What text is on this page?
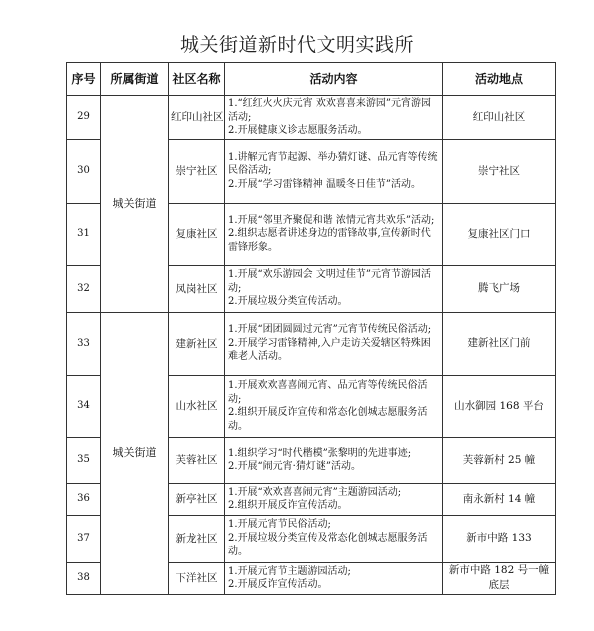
城关街道新时代文明实践所
序号	所属街道	社区名称	活动内容	活动地点
29	城关街道	红印山社区	1.“红红火火庆元宵 欢欢喜喜来游园”元宵游园活动;
2.开展健康义诊志愿服务活动。	红印山社区

30		崇宁社区	1.讲解元宵节起源、举办猜灯谜、品元宵等传统民俗活动;
2.开展“学习雷锋精神 温暖冬日佳节”活动。	崇宁社区

31		复康社区	1.开展“邻里齐聚促和谐 浓情元宵共欢乐”活动;
2.组织志愿者讲述身边的雷锋故事,宣传新时代雷锋形象。	复康社区门口

32		凤岗社区	1.开展“欢乐游园会 文明过佳节”元宵节游园活动;
2.开展垃圾分类宣传活动。	腾飞广场

33	城关街道	建新社区	1.开展“团团圆圆过元宵”元宵节传统民俗活动;
2.开展学习雷锋精神,入户走访关爱辖区特殊困难老人活动。	建新社区门前

34		山水社区	1.开展欢欢喜喜闹元宵、品元宵等传统民俗活动;
2.组织开展反诈宣传和常态化创城志愿服务活动。	山水御园 168 平台

35		芙蓉社区	1.组织学习“时代楷模”张黎明的先进事迹;
2.开展“闹元宵·猜灯谜”活动。	芙蓉新村 25 幢

36		新亭社区	1.开展“欢欢喜喜闹元宵”主题游园活动;
2.组织开展反诈宣传活动。	南永新村 14 幢

37		新龙社区	1.开展元宵节民俗活动;
2.开展垃圾分类宣传及常态化创城志愿服务活动。	新市中路 133

38		下洋社区	1.开展元宵节主题游园活动;
2.开展反诈宣传活动。	新市中路 182 号一幢
底层
